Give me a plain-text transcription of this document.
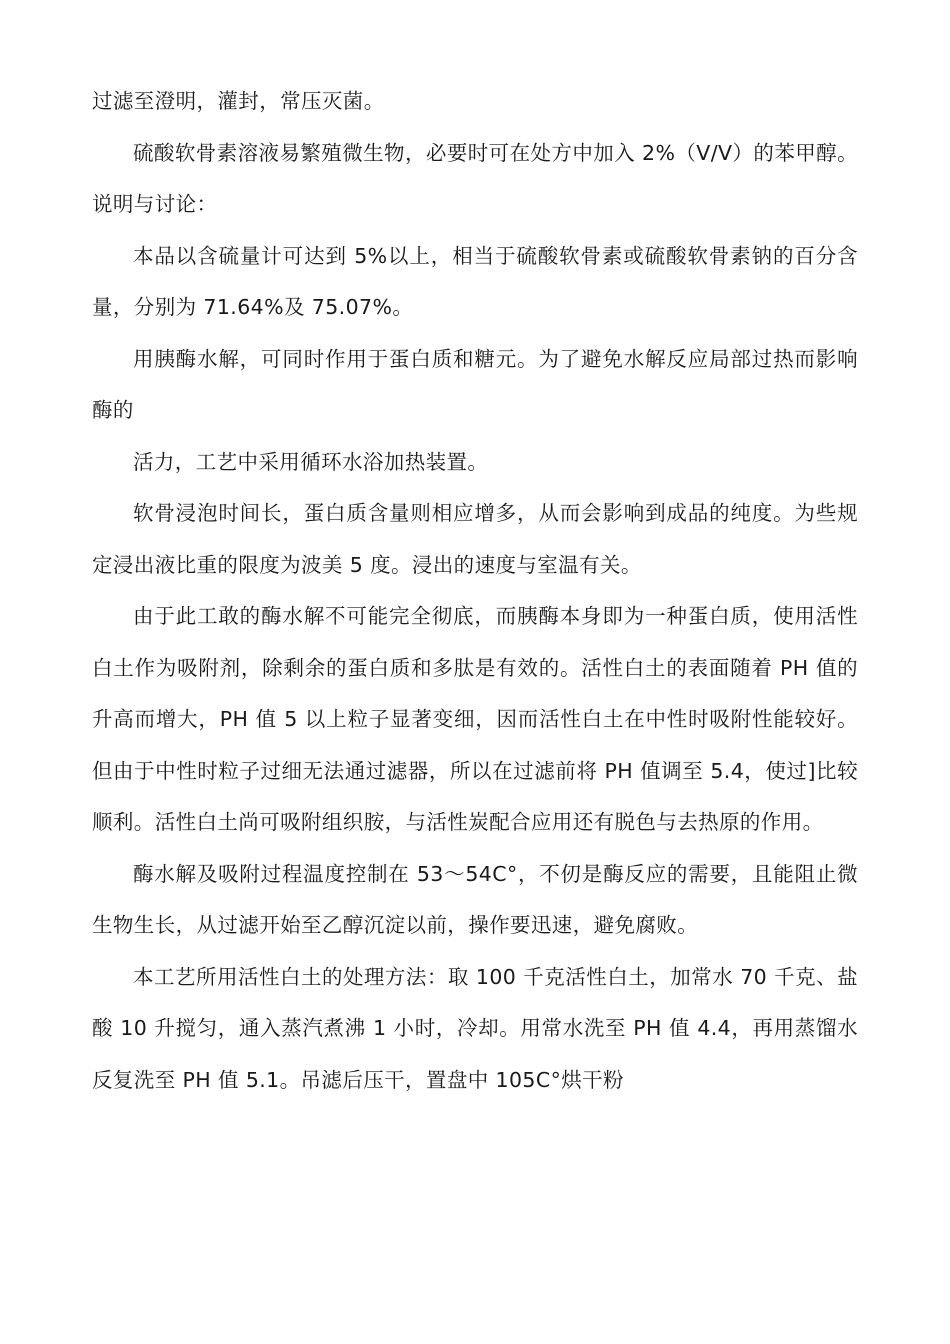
过滤至澄明，灌封，常压灭菌。

硫酸软骨素溶液易繁殖微生物，必要时可在处方中加入 2%（V/V）的苯甲醇。 说明与讨论：

本品以含硫量计可达到 5%以上，相当于硫酸软骨素或硫酸软骨素钠的百分含量，分别为 71.64%及 75.07%。

用胰酶水解，可同时作用于蛋白质和糖元。为了避免水解反应局部过热而影响酶的

活力，工艺中采用循环水浴加热装置。

软骨浸泡时间长，蛋白质含量则相应增多，从而会影响到成品的纯度。为些规定浸出液比重的限度为波美 5 度。浸出的速度与室温有关。

由于此工敢的酶水解不可能完全彻底，而胰酶本身即为一种蛋白质，使用活性白土作为吸附剂，除剩余的蛋白质和多肽是有效的。活性白土的表面随着 PH 值的升高而增大，PH 值 5 以上粒子显著变细，因而活性白土在中性时吸附性能较好。但由于中性时粒子过细无法通过滤器，所以在过滤前将 PH 值调至 5.4，使过]比较顺利。活性白土尚可吸附组织胺，与活性炭配合应用还有脱色与去热原的作用。

酶水解及吸附过程温度控制在 53～54C°，不仞是酶反应的需要，且能阻止微生物生长，从过滤开始至乙醇沉淀以前，操作要迅速，避免腐败。

本工艺所用活性白土的处理方法：取 100 千克活性白土，加常水 70 千克、盐酸 10 升搅匀，通入蒸汽煮沸 1 小时，冷却。用常水洗至 PH 值 4.4，再用蒸馏水反复洗至 PH 值 5.1。吊滤后压干，置盘中 105C°烘干粉
